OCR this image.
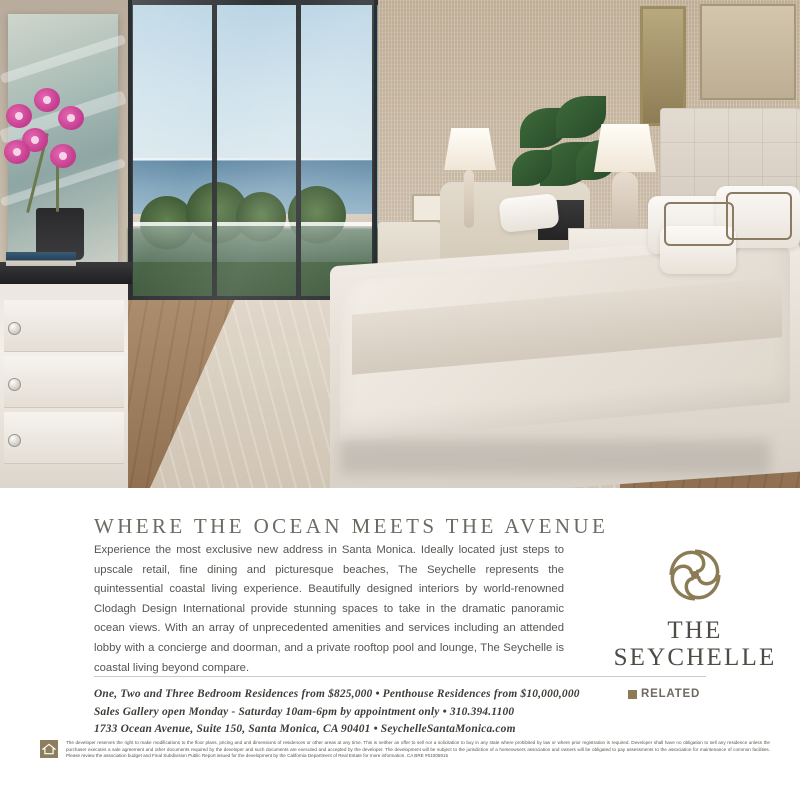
WHERE THE OCEAN MEETS THE AVENUE
Experience the most exclusive new address in Santa Monica. Ideally located just steps to upscale retail, fine dining and picturesque beaches, The Seychelle represents the quintessential coastal living experience. Beautifully designed interiors by world-renowned Clodagh Design International provide stunning spaces to take in the dramatic panoramic ocean views. With an array of unprecedented amenities and services including an attended lobby with a concierge and doorman, and a private rooftop pool and lounge, The Seychelle is coastal living beyond compare.
THE
SEYCHELLE
One, Two and Three Bedroom Residences from $825,000 • Penthouse Residences from $10,000,000
Sales Gallery open Monday - Saturday 10am-6pm by appointment only • 310.394.1100
1733 Ocean Avenue, Suite 150, Santa Monica, CA 90401 • SeychelleSantaMonica.com
RELATED
The developer reserves the right to make modifications to the floor plans, pricing and unit dimensions of residences or other areas at any time. This is neither an offer to sell nor a solicitation to buy in any state where prohibited by law or where prior registration is required. Developer shall have no obligation to sell any residence unless the purchaser executes a sale agreement and other documents required by the developer and such documents are executed and accepted by the developer. The development will be subject to the jurisdiction of a homeowners association and owners will be obligated to pay assessments to the association for maintenance of common facilities. Please review the association budget and Final Subdivision Public Report issued for the development by the California Department of Real Estate for more information. CA BRE #01005915
